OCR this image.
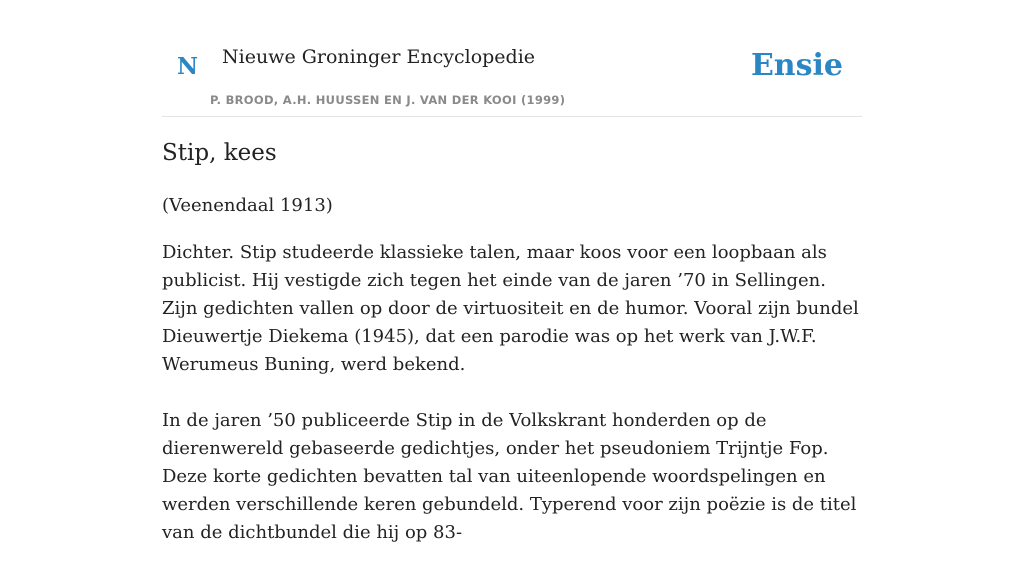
N Nieuwe Groninger Encyclopedie
P. BROOD, A.H. HUUSSEN EN J. VAN DER KOOI (1999)
Ensie
Stip, kees
(Veenendaal 1913)

Dichter. Stip studeerde klassieke talen, maar koos voor een loopbaan als publicist. Hij vestigde zich tegen het einde van de jaren ’70 in Sellingen. Zijn gedichten vallen op door de virtuositeit en de humor. Vooral zijn bundel Dieuwertje Diekema (1945), dat een parodie was op het werk van J.W.F. Werumeus Buning, werd bekend.

In de jaren ’50 publiceerde Stip in de Volkskrant honderden op de dierenwereld gebaseerde gedichtjes, onder het pseudoniem Trijntje Fop. Deze korte gedichten bevatten tal van uiteenlopende woordspelingen en werden verschillende keren gebundeld. Typerend voor zijn poëzie is de titel van de dichtbundel die hij op 83-
